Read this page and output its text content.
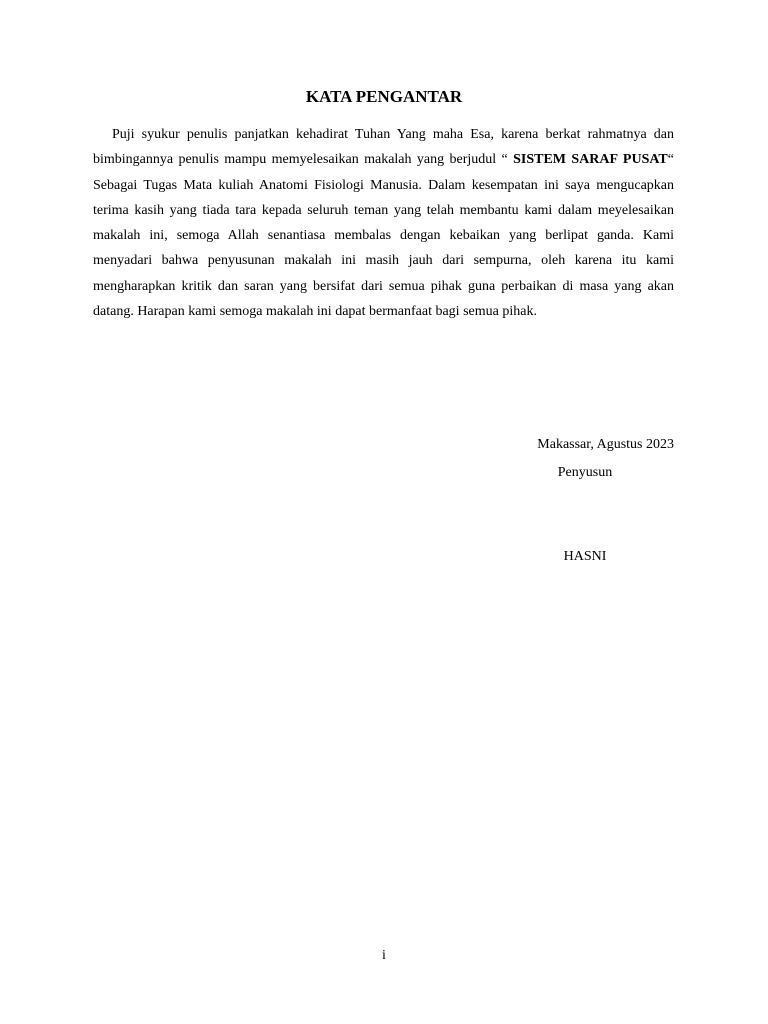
KATA PENGANTAR

Puji syukur penulis panjatkan kehadirat Tuhan Yang maha Esa, karena berkat rahmatnya dan bimbingannya penulis mampu memyelesaikan makalah yang berjudul “ SISTEM SARAF PUSAT“ Sebagai Tugas Mata kuliah Anatomi Fisiologi Manusia. Dalam kesempatan ini saya mengucapkan terima kasih yang tiada tara kepada seluruh teman yang telah membantu kami dalam meyelesaikan makalah ini, semoga Allah senantiasa membalas dengan kebaikan yang berlipat ganda. Kami menyadari bahwa penyusunan makalah ini masih jauh dari sempurna, oleh karena itu kami mengharapkan kritik dan saran yang bersifat dari semua pihak guna perbaikan di masa yang akan datang. Harapan kami semoga makalah ini dapat bermanfaat bagi semua pihak.

Makassar, Agustus 2023

Penyusun

HASNI

i
